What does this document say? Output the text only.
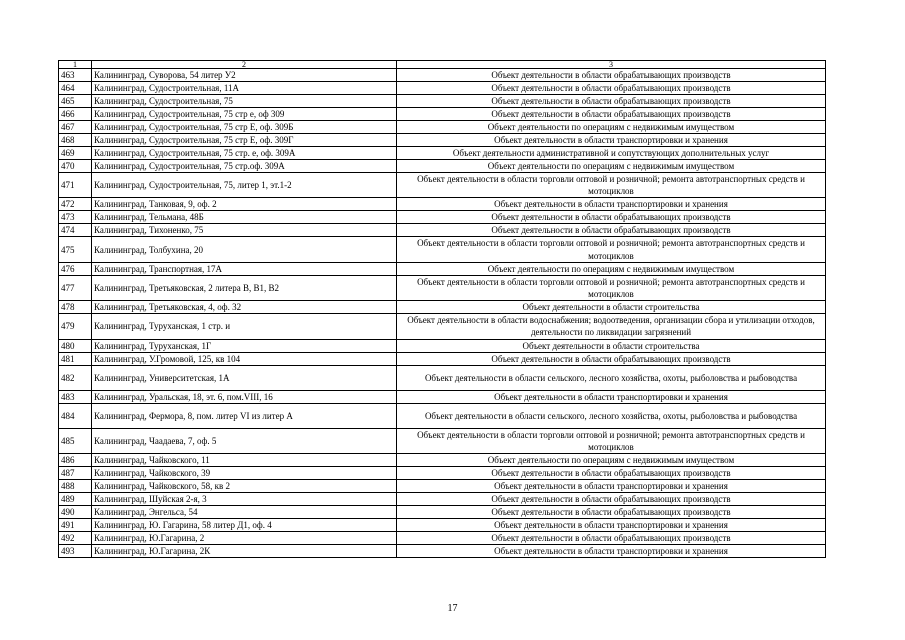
1	2	3
463	Калининград, Суворова, 54 литер У2	Объект деятельности в области обрабатывающих производств
464	Калининград, Судостроительная, 11А	Объект деятельности в области обрабатывающих производств
465	Калининград, Судостроительная, 75	Объект деятельности в области обрабатывающих производств
466	Калининград, Судостроительная, 75 стр е, оф 309	Объект деятельности в области обрабатывающих производств
467	Калининград, Судостроительная, 75 стр Е, оф. 309Б	Объект деятельности по операциям с недвижимым имуществом
468	Калининград, Судостроительная, 75 стр Е, оф. 309Г	Объект деятельности в области транспортировки и хранения
469	Калининград, Судостроительная, 75 стр. е, оф. 309А	Объект деятельности административной и сопутствующих дополнительных услуг
470	Калининград, Судостроительная, 75 стр.оф. 309А	Объект деятельности по операциям с недвижимым имуществом
471	Калининград, Судостроительная, 75, литер 1, эт.1-2	Объект деятельности в области торговли оптовой и розничной; ремонта автотранспортных средств и мотоциклов
472	Калининград, Танковая, 9, оф. 2	Объект деятельности в области транспортировки и хранения
473	Калининград, Тельмана, 48Б	Объект деятельности в области обрабатывающих производств
474	Калининград, Тихоненко, 75	Объект деятельности в области обрабатывающих производств
475	Калининград, Толбухина, 20	Объект деятельности в области торговли оптовой и розничной; ремонта автотранспортных средств и мотоциклов
476	Калининград, Транспортная, 17А	Объект деятельности по операциям с недвижимым имуществом
477	Калининград, Третьяковская, 2 литера В, В1, В2	Объект деятельности в области торговли оптовой и розничной; ремонта автотранспортных средств и мотоциклов
478	Калининград, Третьяковская, 4, оф. 32	Объект деятельности в области строительства
479	Калининград, Туруханская, 1 стр. и	Объект деятельности в области водоснабжения; водоотведения, организации сбора и утилизации отходов, деятельности по ликвидации загрязнений
480	Калининград, Туруханская, 1Г	Объект деятельности в области строительства
481	Калининград, У.Громовой, 125, кв 104	Объект деятельности в области обрабатывающих производств
482	Калининград, Университетская, 1А	Объект деятельности в области сельского, лесного хозяйства, охоты, рыболовства и рыбоводства
483	Калининград, Уральская, 18, эт. 6, пом.VIII, 16	Объект деятельности в области транспортировки и хранения
484	Калининград, Фермора, 8, пом. литер VI из литер А	Объект деятельности в области сельского, лесного хозяйства, охоты, рыболовства и рыбоводства
485	Калининград, Чаадаева, 7, оф. 5	Объект деятельности в области торговли оптовой и розничной; ремонта автотранспортных средств и мотоциклов
486	Калининград, Чайковского, 11	Объект деятельности по операциям с недвижимым имуществом
487	Калининград, Чайковского, 39	Объект деятельности в области обрабатывающих производств
488	Калининград, Чайковского, 58, кв 2	Объект деятельности в области транспортировки и хранения
489	Калининград, Шуйская 2-я, 3	Объект деятельности в области обрабатывающих производств
490	Калининград, Энгельса, 54	Объект деятельности в области обрабатывающих производств
491	Калининград, Ю. Гагарина, 58 литер Д1, оф. 4	Объект деятельности в области транспортировки и хранения
492	Калининград, Ю.Гагарина, 2	Объект деятельности в области обрабатывающих производств
493	Калининград, Ю.Гагарина, 2К	Объект деятельности в области транспортировки и хранения
17
